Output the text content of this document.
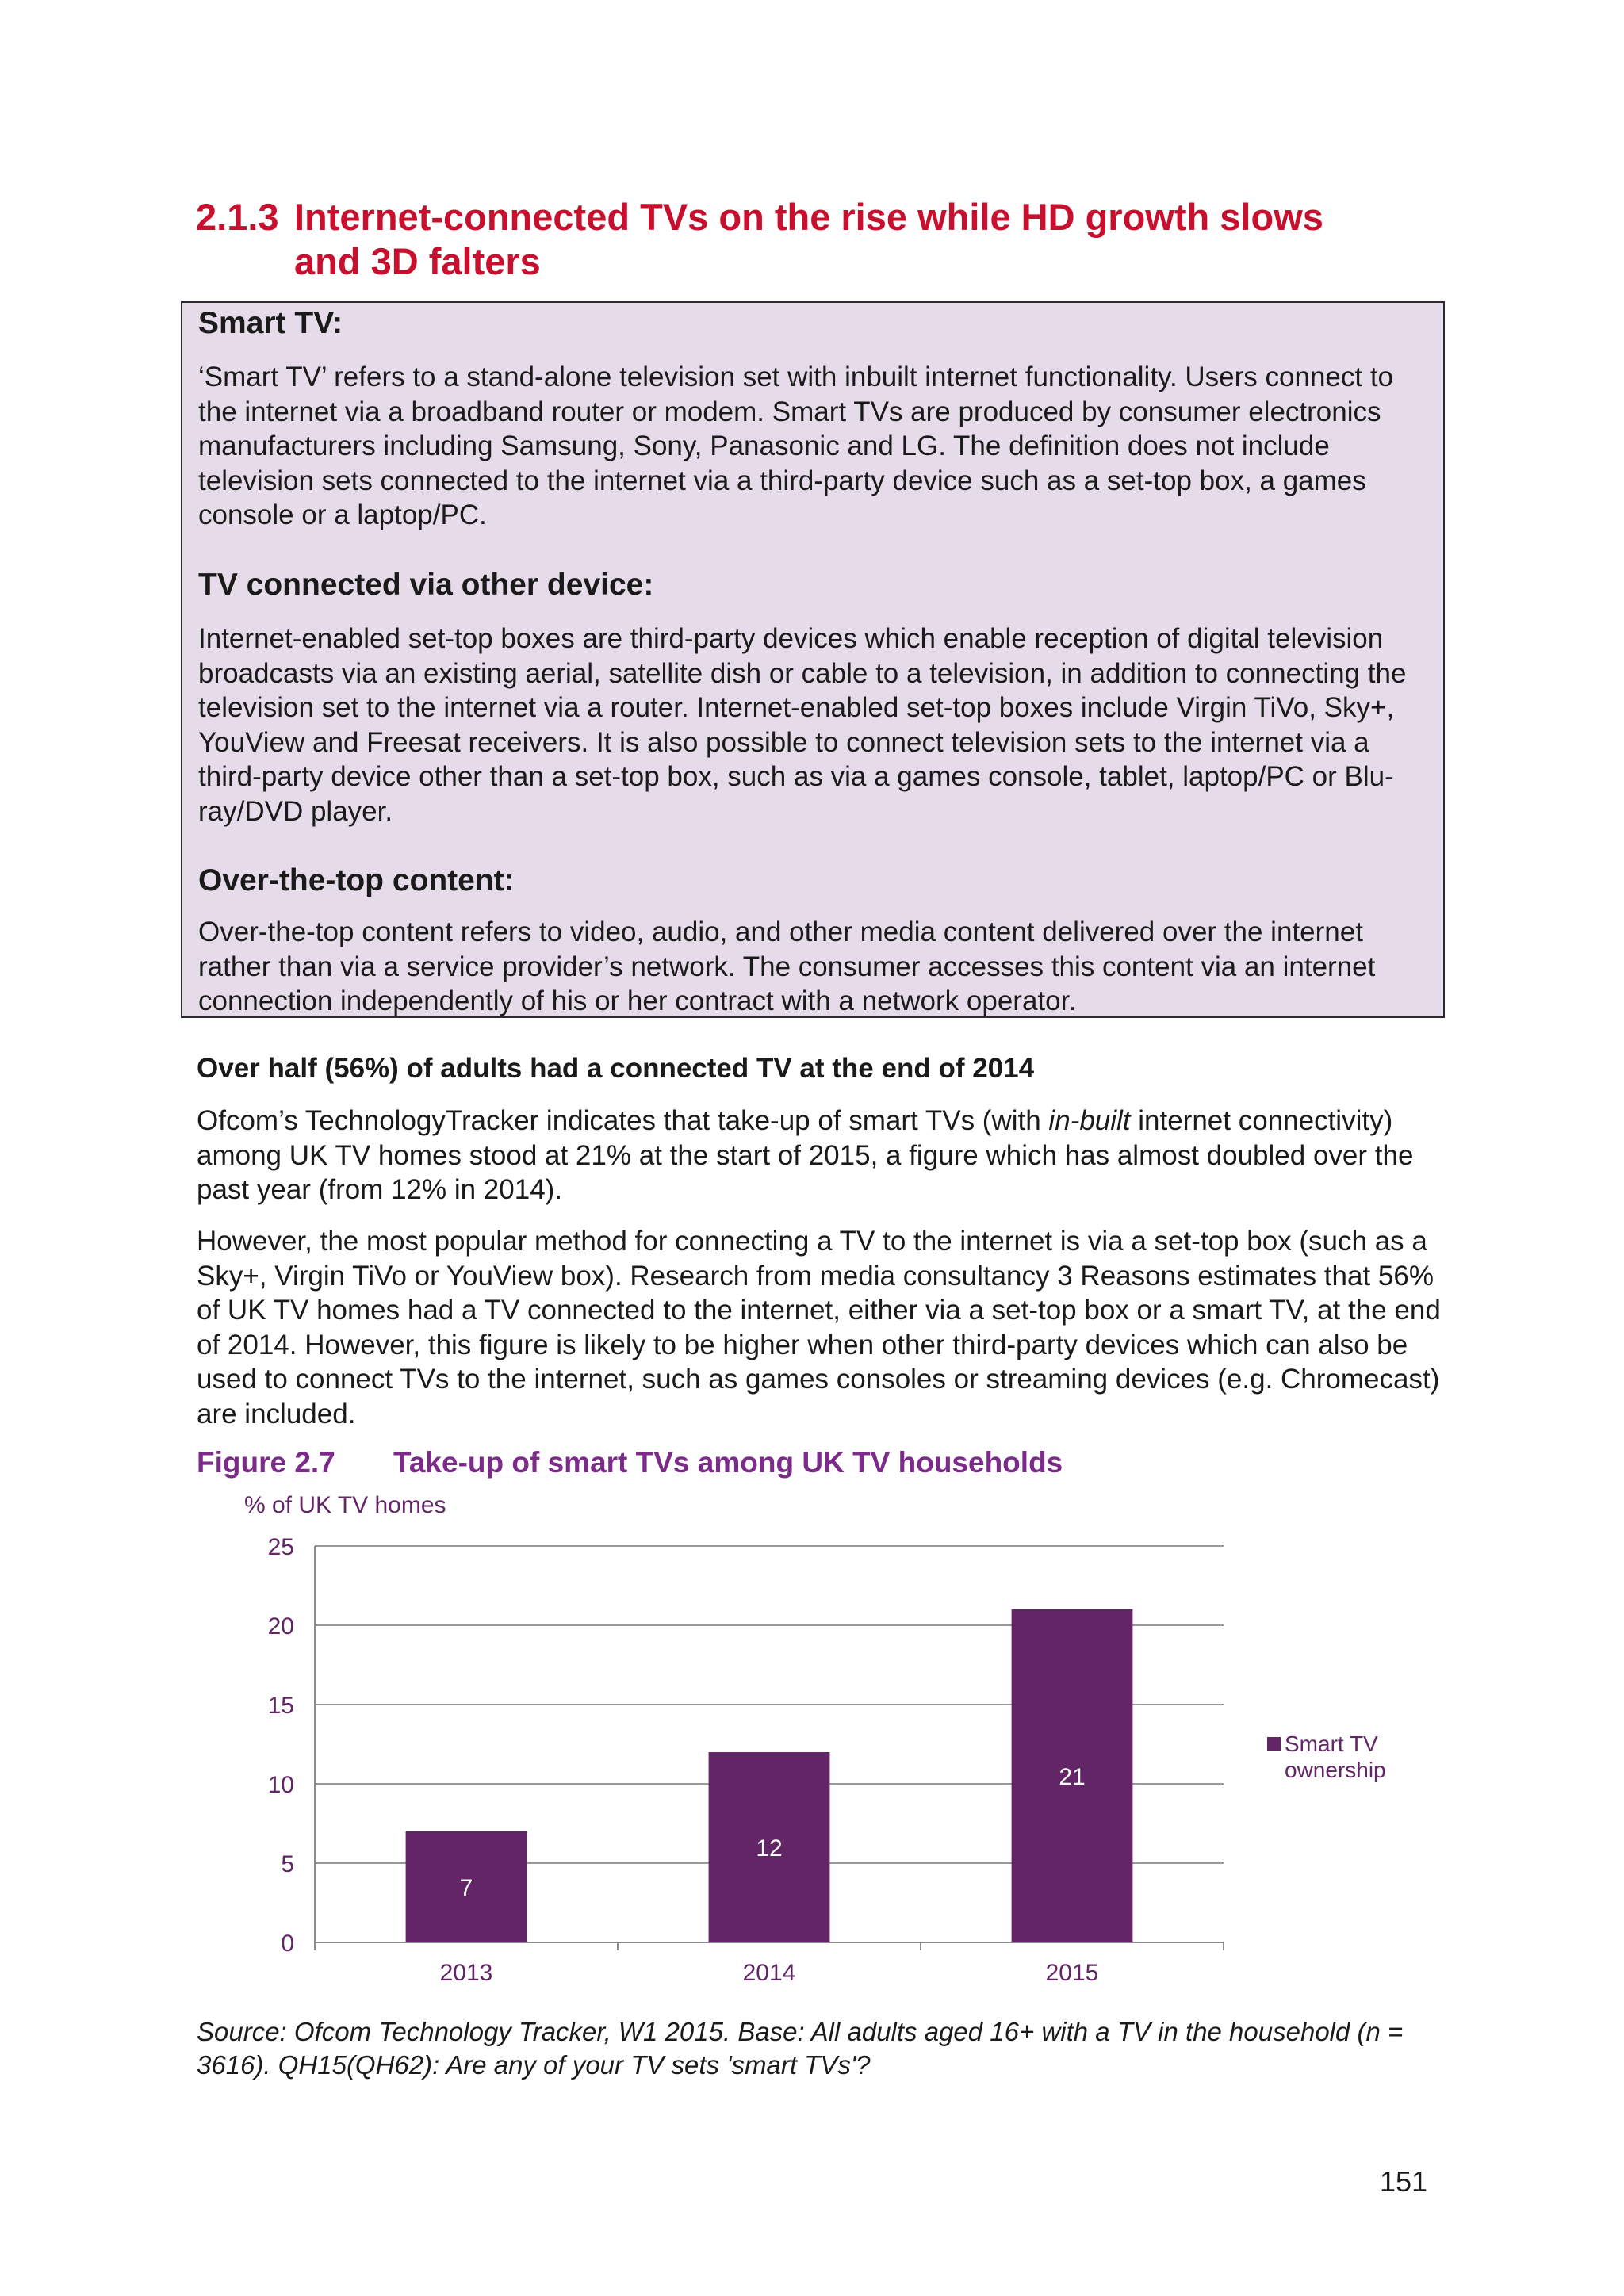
2.1.3 Internet-connected TVs on the rise while HD growth slows
and 3D falters
Smart TV:

‘Smart TV’ refers to a stand-alone television set with inbuilt internet functionality. Users connect to the internet via a broadband router or modem. Smart TVs are produced by consumer electronics manufacturers including Samsung, Sony, Panasonic and LG. The definition does not include television sets connected to the internet via a third-party device such as a set-top box, a games console or a laptop/PC.

TV connected via other device:

Internet-enabled set-top boxes are third-party devices which enable reception of digital television broadcasts via an existing aerial, satellite dish or cable to a television, in addition to connecting the television set to the internet via a router. Internet-enabled set-top boxes include Virgin TiVo, Sky+, YouView and Freesat receivers. It is also possible to connect television sets to the internet via a third-party device other than a set-top box, such as via a games console, tablet, laptop/PC or Blu-ray/DVD player.

Over-the-top content:

Over-the-top content refers to video, audio, and other media content delivered over the internet rather than via a service provider’s network. The consumer accesses this content via an internet connection independently of his or her contract with a network operator.

Over half (56%) of adults had a connected TV at the end of 2014

Ofcom’s TechnologyTracker indicates that take-up of smart TVs (with in-built internet connectivity) among UK TV homes stood at 21% at the start of 2015, a figure which has almost doubled over the past year (from 12% in 2014).

However, the most popular method for connecting a TV to the internet is via a set-top box (such as a Sky+, Virgin TiVo or YouView box). Research from media consultancy 3 Reasons estimates that 56% of UK TV homes had a TV connected to the internet, either via a set-top box or a smart TV, at the end of 2014. However, this figure is likely to be higher when other third-party devices which can also be used to connect TVs to the internet, such as games consoles or streaming devices (e.g. Chromecast) are included.

Figure 2.7 Take-up of smart TVs among UK TV households
% of UK TV homes
0
5
10
15
20
25
7
2013
12
2014
21
2015
Smart TV
ownership

Source: Ofcom Technology Tracker, W1 2015. Base: All adults aged 16+ with a TV in the household (n = 3616). QH15(QH62): Are any of your TV sets 'smart TVs'?

151
